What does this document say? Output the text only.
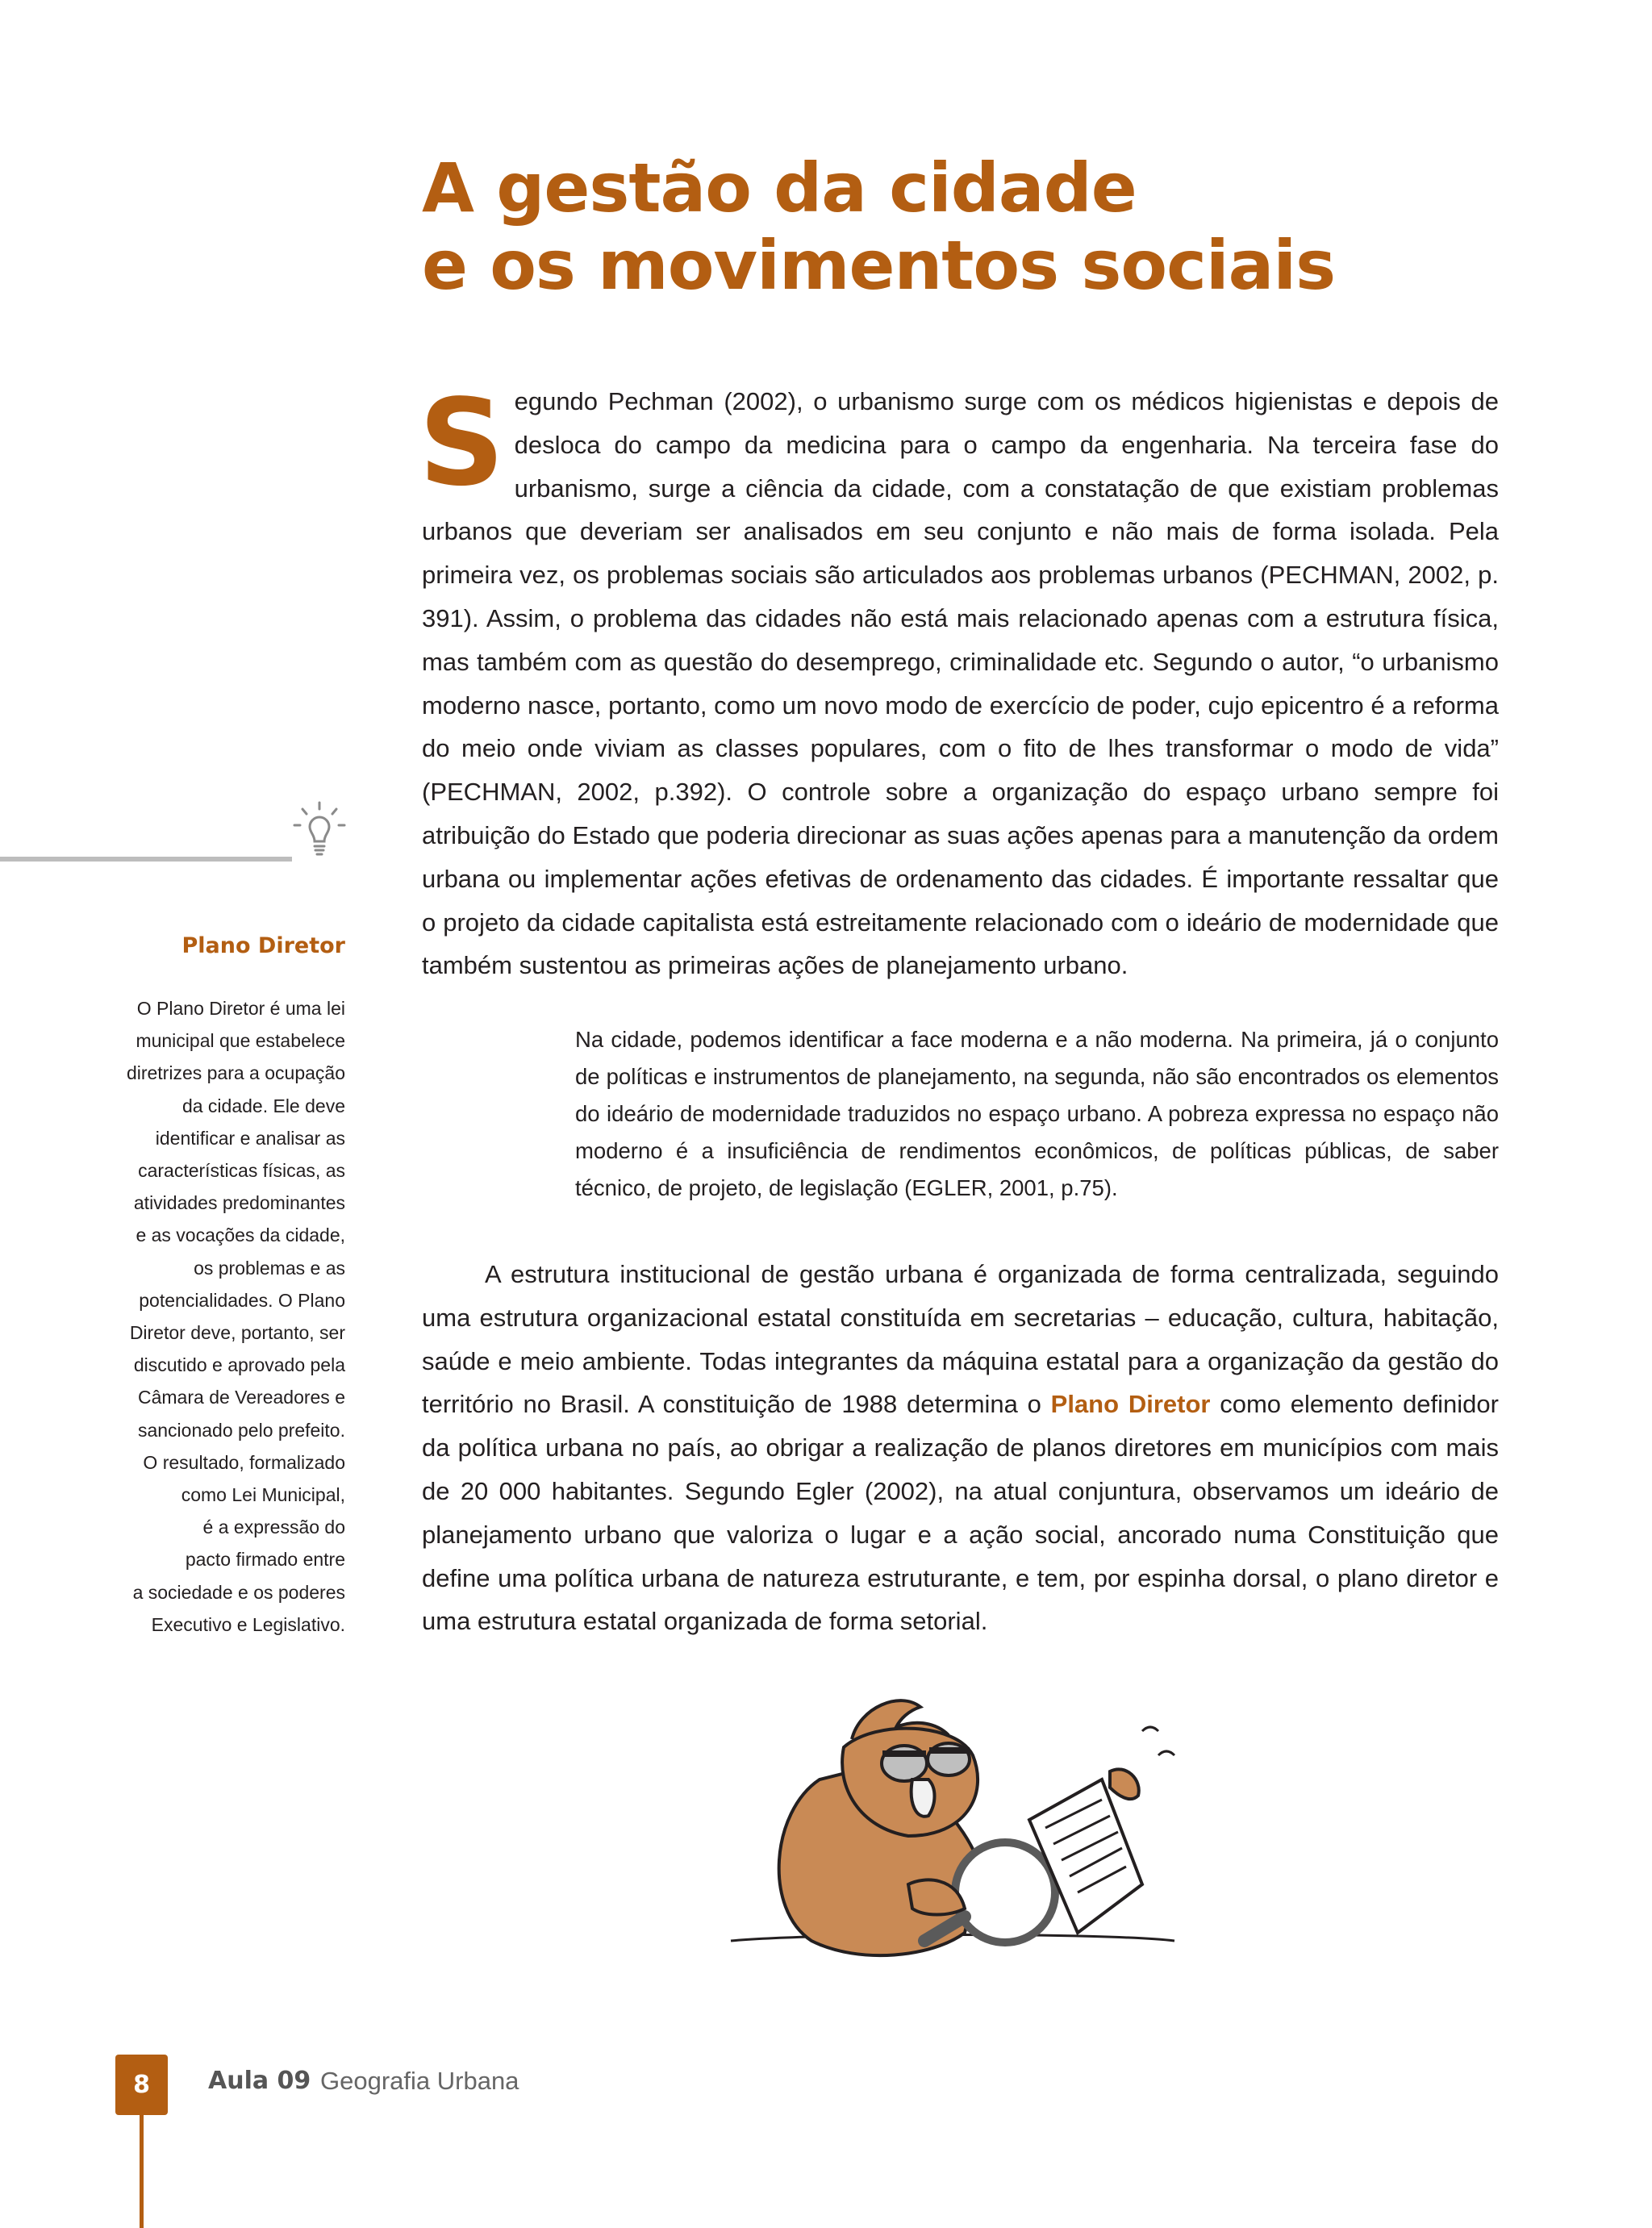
A gestão da cidade
e os movimentos sociais

Segundo Pechman (2002), o urbanismo surge com os médicos higienistas e depois de desloca do campo da medicina para o campo da engenharia. Na terceira fase do urbanismo, surge a ciência da cidade, com a constatação de que existiam problemas urbanos que deveriam ser analisados em seu conjunto e não mais de forma isolada. Pela primeira vez, os problemas sociais são articulados aos problemas urbanos (PECHMAN, 2002, p. 391). Assim, o problema das cidades não está mais relacionado apenas com a estrutura física, mas também com as questão do desemprego, criminalidade etc. Segundo o autor, “o urbanismo moderno nasce, portanto, como um novo modo de exercício de poder, cujo epicentro é a reforma do meio onde viviam as classes populares, com o fito de lhes transformar o modo de vida” (PECHMAN, 2002, p.392). O controle sobre a organização do espaço urbano sempre foi atribuição do Estado que poderia direcionar as suas ações apenas para a manutenção da ordem urbana ou implementar ações efetivas de ordenamento das cidades. É importante ressaltar que o projeto da cidade capitalista está estreitamente relacionado com o ideário de modernidade que também sustentou as primeiras ações de planejamento urbano.

Na cidade, podemos identificar a face moderna e a não moderna. Na primeira, já o conjunto de políticas e instrumentos de planejamento, na segunda, não são encontrados os elementos do ideário de modernidade traduzidos no espaço urbano. A pobreza expressa no espaço não moderno é a insuficiência de rendimentos econômicos, de políticas públicas, de saber técnico, de projeto, de legislação (EGLER, 2001, p.75).

A estrutura institucional de gestão urbana é organizada de forma centralizada, seguindo uma estrutura organizacional estatal constituída em secretarias – educação, cultura, habitação, saúde e meio ambiente. Todas integrantes da máquina estatal para a organização da gestão do território no Brasil. A constituição de 1988 determina o Plano Diretor como elemento definidor da política urbana no país, ao obrigar a realização de planos diretores em municípios com mais de 20 000 habitantes. Segundo Egler (2002), na atual conjuntura, observamos um ideário de planejamento urbano que valoriza o lugar e a ação social, ancorado numa Constituição que define uma política urbana de natureza estruturante, e tem, por espinha dorsal, o plano diretor e uma estrutura estatal organizada de forma setorial.

Plano Diretor
O Plano Diretor é uma lei
municipal que estabelece
diretrizes para a ocupação
da cidade. Ele deve
identificar e analisar as
características físicas, as
atividades predominantes
e as vocações da cidade,
os problemas e as
potencialidades. O Plano
Diretor deve, portanto, ser
discutido e aprovado pela
Câmara de Vereadores e
sancionado pelo prefeito.
O resultado, formalizado
como Lei Municipal,
é a expressão do
pacto firmado entre
a sociedade e os poderes
Executivo e Legislativo.
8	Aula 09 Geografia Urbana
